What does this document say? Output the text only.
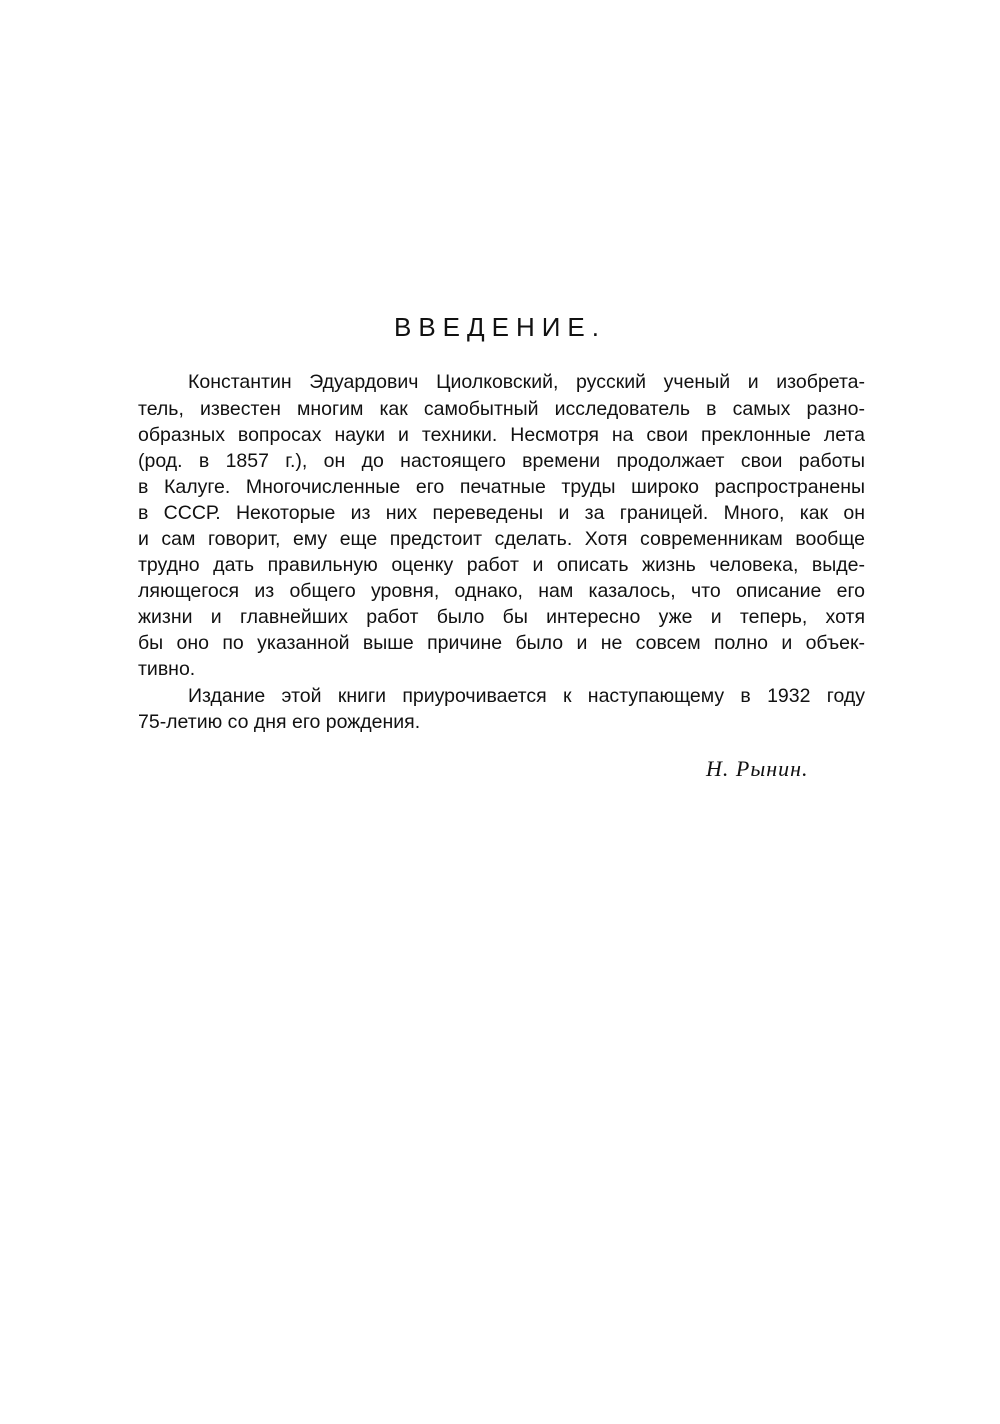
ВВЕДЕНИЕ.
Константин Эдуардович Циолковский, русский ученый и изобрета-
тель, известен многим как самобытный исследователь в самых разно-
образных вопросах науки и техники. Несмотря на свои преклонные лета
(род. в 1857 г.), он до настоящего времени продолжает свои работы
в Калуге. Многочисленные его печатные труды широко распространены
в СССР. Некоторые из них переведены и за границей. Много, как он
и сам говорит, ему еще предстоит сделать. Хотя современникам вообще
трудно дать правильную оценку работ и описать жизнь человека, выде-
ляющегося из общего уровня, однако, нам казалось, что описание его
жизни и главнейших работ было бы интересно уже и теперь, хотя
бы оно по указанной выше причине было и не совсем полно и объек-
тивно.
Издание этой книги приурочивается к наступающему в 1932 году
75-летию со дня его рождения.
Н. Рынин.
